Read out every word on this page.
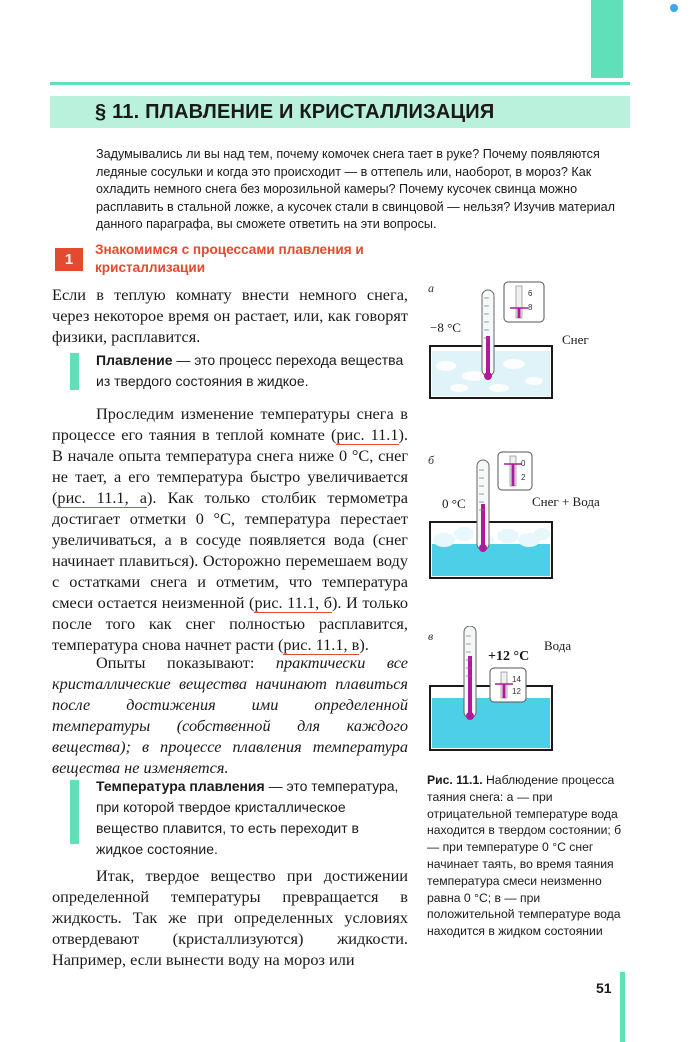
§ 11. ПЛАВЛЕНИЕ И КРИСТАЛЛИЗАЦИЯ
Задумывались ли вы над тем, почему комочек снега тает в руке? Почему появляются ледяные сосульки и когда это происходит — в оттепель или, наоборот, в мороз? Как охладить немного снега без морозильной камеры? Почему кусочек свинца можно расплавить в стальной ложке, а кусочек стали в свинцовой — нельзя? Изучив материал данного параграфа, вы сможете ответить на эти вопросы.
1
Знакомимся с процессами плавления и кристаллизации
Если в теплую комнату внести немного снега, через некоторое время он растает, или, как говорят физики, расплавится.
Плавление — это процесс перехода вещества из твердого состояния в жидкое.
Проследим изменение температуры снега в процессе его таяния в теплой комнате (рис. 11.1). В начале опыта температура снега ниже 0 °С, снег не тает, а его температура быстро увеличивается (рис. 11.1, а). Как только столбик термометра достигает отметки 0 °С, температура перестает увеличиваться, а в сосуде появляется вода (снег начинает плавиться). Осторожно перемешаем воду с остатками снега и отметим, что температура смеси остается неизменной (рис. 11.1, б). И только после того как снег полностью расплавится, температура снова начнет расти (рис. 11.1, в).
Опыты показывают: практически все кристаллические вещества начинают плавиться после достижения ими определенной температуры (собственной для каждого вещества); в процессе плавления температура вещества не изменяется.
Температура плавления — это температура, при которой твердое кристаллическое вещество плавится, то есть переходит в жидкое состояние.
Итак, твердое вещество при достижении определенной температуры превращается в жидкость. Так же при определенных условиях отвердевают (кристаллизуются) жидкости. Например, если вынести воду на мороз или
а	6
8
−8 °С
Снег
б	0
2
0 °С	Снег + Вода
в
14
12
+12 °С
Вода
Рис. 11.1. Наблюдение процесса таяния снега: а — при отрицательной температуре вода находится в твердом состоянии; б — при температуре 0 °С снег начинает таять, во время таяния температура смеси неизменно равна 0 °С; в — при положительной температуре вода находится в жидком состоянии
51
